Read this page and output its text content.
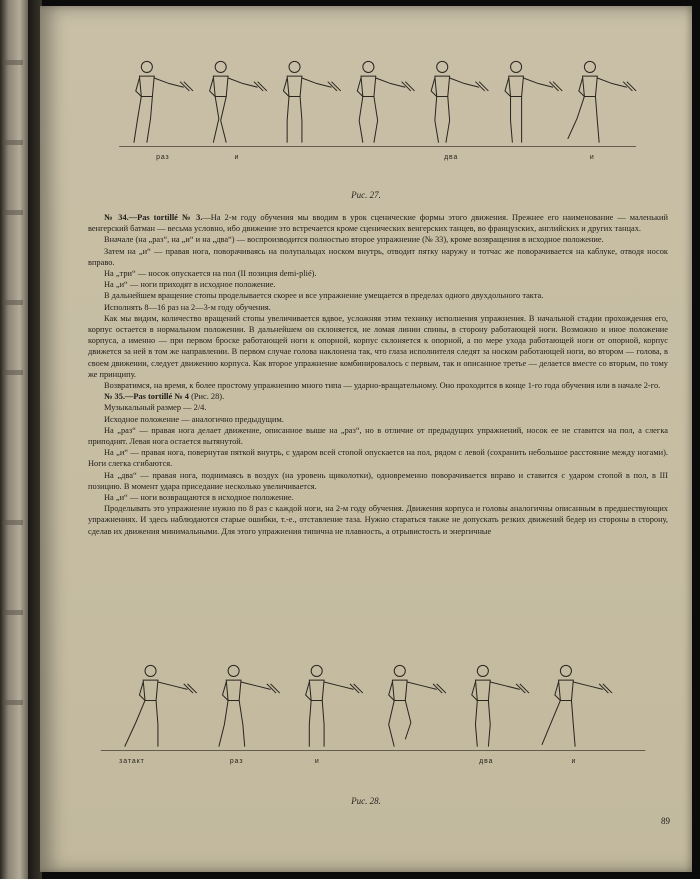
раз	и	два	и
Рис. 27.

№ 34.—Pas tortillé № 3.—На 2-м году обучения мы вводим в урок сценические формы этого движения. Прежнее его наименование — маленький венгерский батман — весьма условно, ибо движение это встречается кроме сценических венгерских танцев, во французских, английских и других танцах.

Вначале (на „раз“, на „и“ и на „два“) — воспроизводится полностью второе упражнение (№ 33), кроме возвращения в исходное положение.

Затем на „и“ — правая нога, поворачиваясь на полупальцах носком внутрь, отводит пятку наружу и тотчас же поворачивается на каблуке, отводя носок вправо.

На „три“ — носок опускается на пол (II позиция demi-plié).

На „и“ — ноги приходят в исходное положение.

В дальнейшем вращение стопы проделывается скорее и все упражнение умещается в пределах одного двухдольного такта.

Исполнять 8—16 раз на 2—3-м году обучения.

Как мы видим, количество вращений стопы увеличивается вдвое, усложняя этим технику исполнения упражнения. В начальной стадии прохождения его, корпус остается в нормальном положении. В дальнейшем он склоняется, не ломая линии спины, в сторону работающей ноги. Возможно и иное положение корпуса, а именно — при первом броске работающей ноги к опорной, корпус склоняется к опорной, а по мере ухода работающей ноги от опорной, корпус движется за ней в том же направлении. В первом случае голова наклонена так, что глаза исполнителя следят за носком работающей ноги, во втором — голова, в своем движении, следует движению корпуса. Как второе упражнение комбинировалось с первым, так и описанное третье — делается вместе со вторым, по тому же принципу.

Возвратимся, на время, к более простому упражнению много типа — ударно-вращательному. Оно проходится в конце 1-го года обучения или в начале 2-го.

№ 35.—Pas tortillé № 4 (Рис. 28).

Музыкальный размер — 2/4.

Исходное положение — аналогично предыдущим.

На „раз“ — правая нога делает движение, описанное выше на „раз“, но в отличие от предыдущих упражнений, носок ее не ставится на пол, а слегка приподнят. Левая нога остается вытянутой.

На „и“ — правая нога, повернутая пяткой внутрь, с ударом всей стопой опускается на пол, рядом с левой (сохранить небольшое расстояние между ногами). Ноги слегка сгибаются.

На „два“ — правая нога, поднимаясь в воздух (на уровень щиколотки), одновременно поворачивается вправо и ставится с ударом стопой в пол, в III позицию. В момент удара приседание несколько увеличивается.

На „и“ — ноги возвращаются в исходное положение.

Проделывать это упражнение нужно по 8 раз с каждой ноги, на 2-м году обучения. Движения корпуса и головы аналогичны описанным в предшествующих упражнениях. И здесь наблюдаются старые ошибки, т.-е., отставление таза. Нужно стараться также не допускать резких движений бедер из стороны в сторону, сделав их движения минимальными. Для этого упражнения типична не плавность, а отрывистость и энергичные

затакт	раз	и	два	и
Рис. 28.
89
